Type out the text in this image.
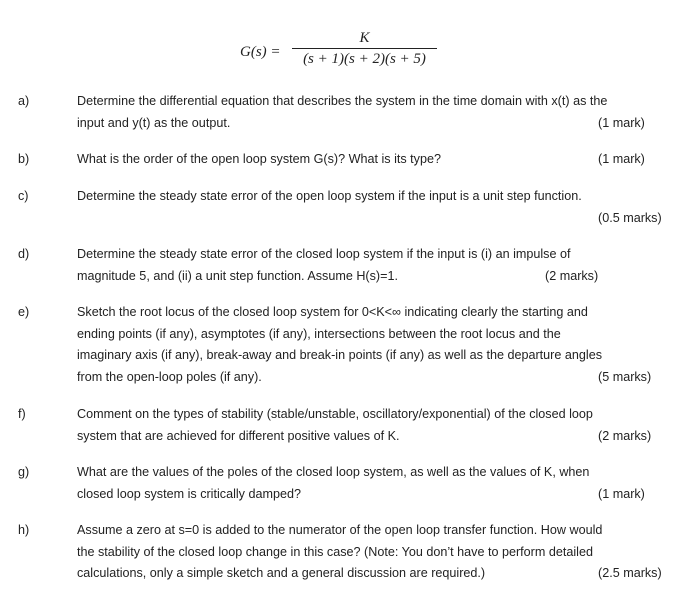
G(s) =
K
(s + 1)(s + 2)(s + 5)
a)	Determine the differential equation that describes the system in the time domain with x(t) as the
input and y(t) as the output.	(1 mark)
b)	What is the order of the open loop system G(s)? What is its type?	(1 mark)
c)	Determine the steady state error of the open loop system if the input is a unit step function.

(0.5 marks)
d)	Determine the steady state error of the closed loop system if the input is (i) an impulse of
magnitude 5, and (ii) a unit step function. Assume H(s)=1.	(2 marks)
e)	Sketch the root locus of the closed loop system for 0<K<∞ indicating clearly the starting and
ending points (if any), asymptotes (if any), intersections between the root locus and the
imaginary axis (if any), break-away and break-in points (if any) as well as the departure angles
from the open-loop poles (if any).	(5 marks)
f)	Comment on the types of stability (stable/unstable, oscillatory/exponential) of the closed loop
system that are achieved for different positive values of K.	(2 marks)
g)	What are the values of the poles of the closed loop system, as well as the values of K, when
closed loop system is critically damped?	(1 mark)
h)	Assume a zero at s=0 is added to the numerator of the open loop transfer function. How would
the stability of the closed loop change in this case? (Note: You don’t have to perform detailed
calculations, only a simple sketch and a general discussion are required.)	(2.5 marks)
